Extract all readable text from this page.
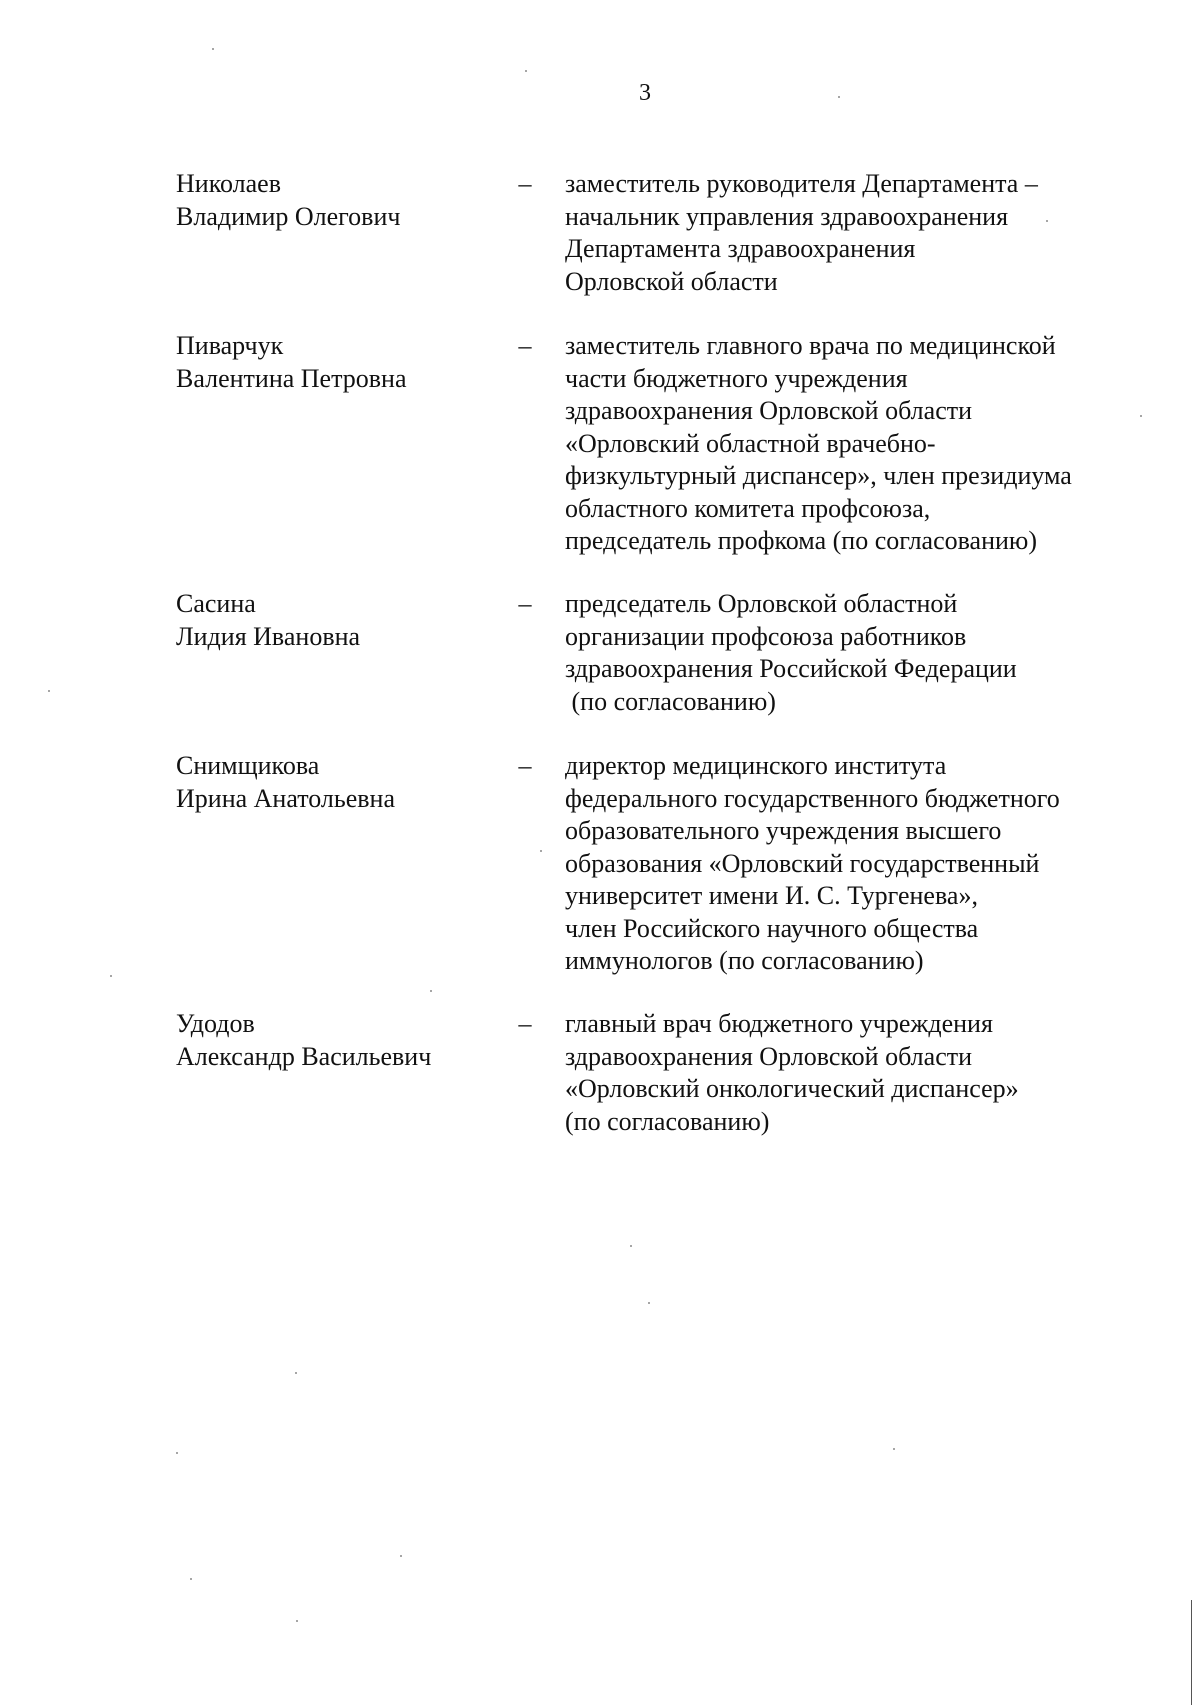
3
Николаев
Владимир Олегович
– заместитель руководителя Департамента –
начальник управления здравоохранения
Департамента здравоохранения
Орловской области
Пиварчук
Валентина Петровна
– заместитель главного врача по медицинской
части бюджетного учреждения
здравоохранения Орловской области
«Орловский областной врачебно-
физкультурный диспансер», член президиума
областного комитета профсоюза,
председатель профкома (по согласованию)
Сасина
Лидия Ивановна
– председатель Орловской областной
организации профсоюза работников
здравоохранения Российской Федерации
(по согласованию)
Снимщикова
Ирина Анатольевна
– директор медицинского института
федерального государственного бюджетного
образовательного учреждения высшего
образования «Орловский государственный
университет имени И. С. Тургенева»,
член Российского научного общества
иммунологов (по согласованию)
Удодов
Александр Васильевич
– главный врач бюджетного учреждения
здравоохранения Орловской области
«Орловский онкологический диспансер»
(по согласованию)
